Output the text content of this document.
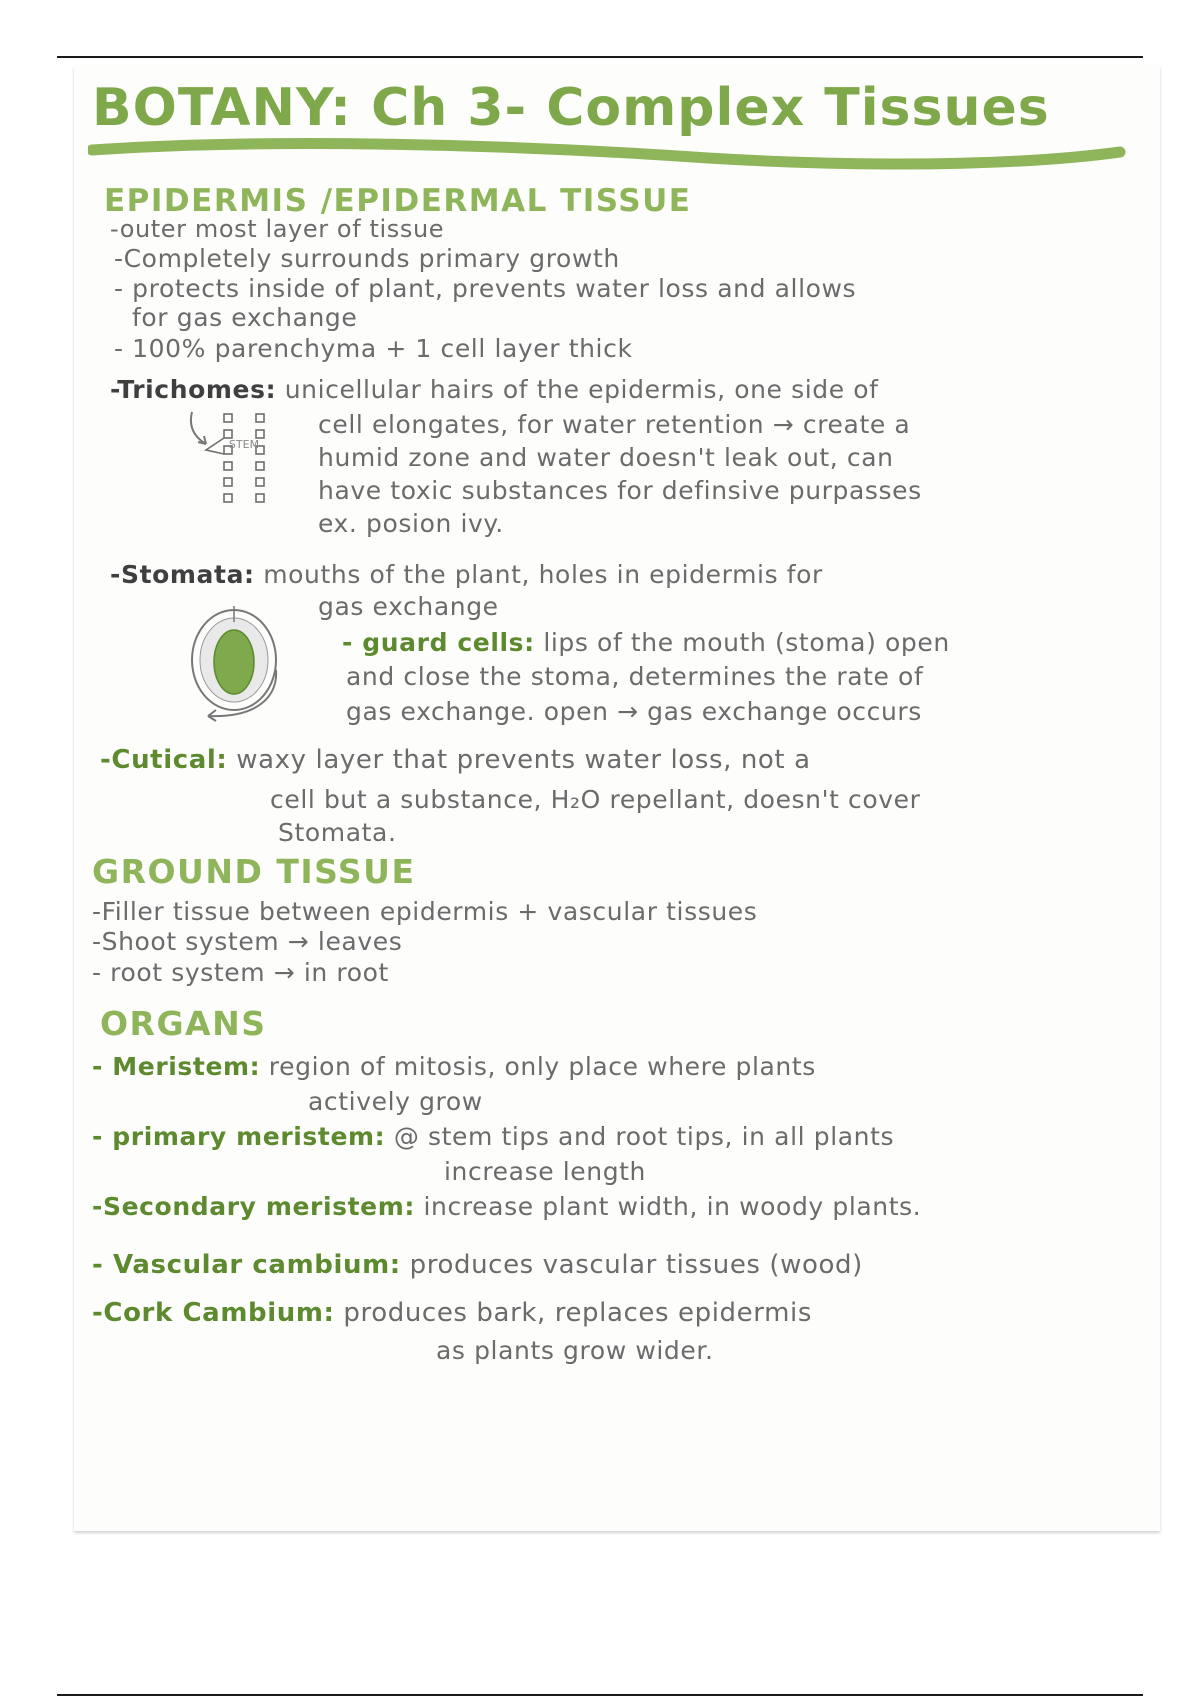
BOTANY: Ch 3- Complex Tissues
EPIDERMIS /EPIDERMAL TISSUE
-outer most layer of tissue
-Completely surrounds primary growth
- protects inside of plant, prevents water loss and allows
for gas exchange
- 100% parenchyma + 1 cell layer thick
-Trichomes: unicellular hairs of the epidermis, one side of
cell elongates, for water retention → create a
humid zone and water doesn't leak out, can
have toxic substances for definsive purpasses
ex. posion ivy.
STEM
-Stomata: mouths of the plant, holes in epidermis for
gas exchange
- guard cells: lips of the mouth (stoma) open
and close the stoma, determines the rate of
gas exchange. open → gas exchange occurs
-Cutical: waxy layer that prevents water loss, not a
cell but a substance, H₂O repellant, doesn't cover
Stomata.
GROUND TISSUE
-Filler tissue between epidermis + vascular tissues
-Shoot system → leaves
- root system → in root
ORGANS
- Meristem: region of mitosis, only place where plants
actively grow
- primary meristem: @ stem tips and root tips, in all plants
increase length
-Secondary meristem: increase plant width, in woody plants.
- Vascular cambium: produces vascular tissues (wood)
-Cork Cambium: produces bark, replaces epidermis
as plants grow wider.
